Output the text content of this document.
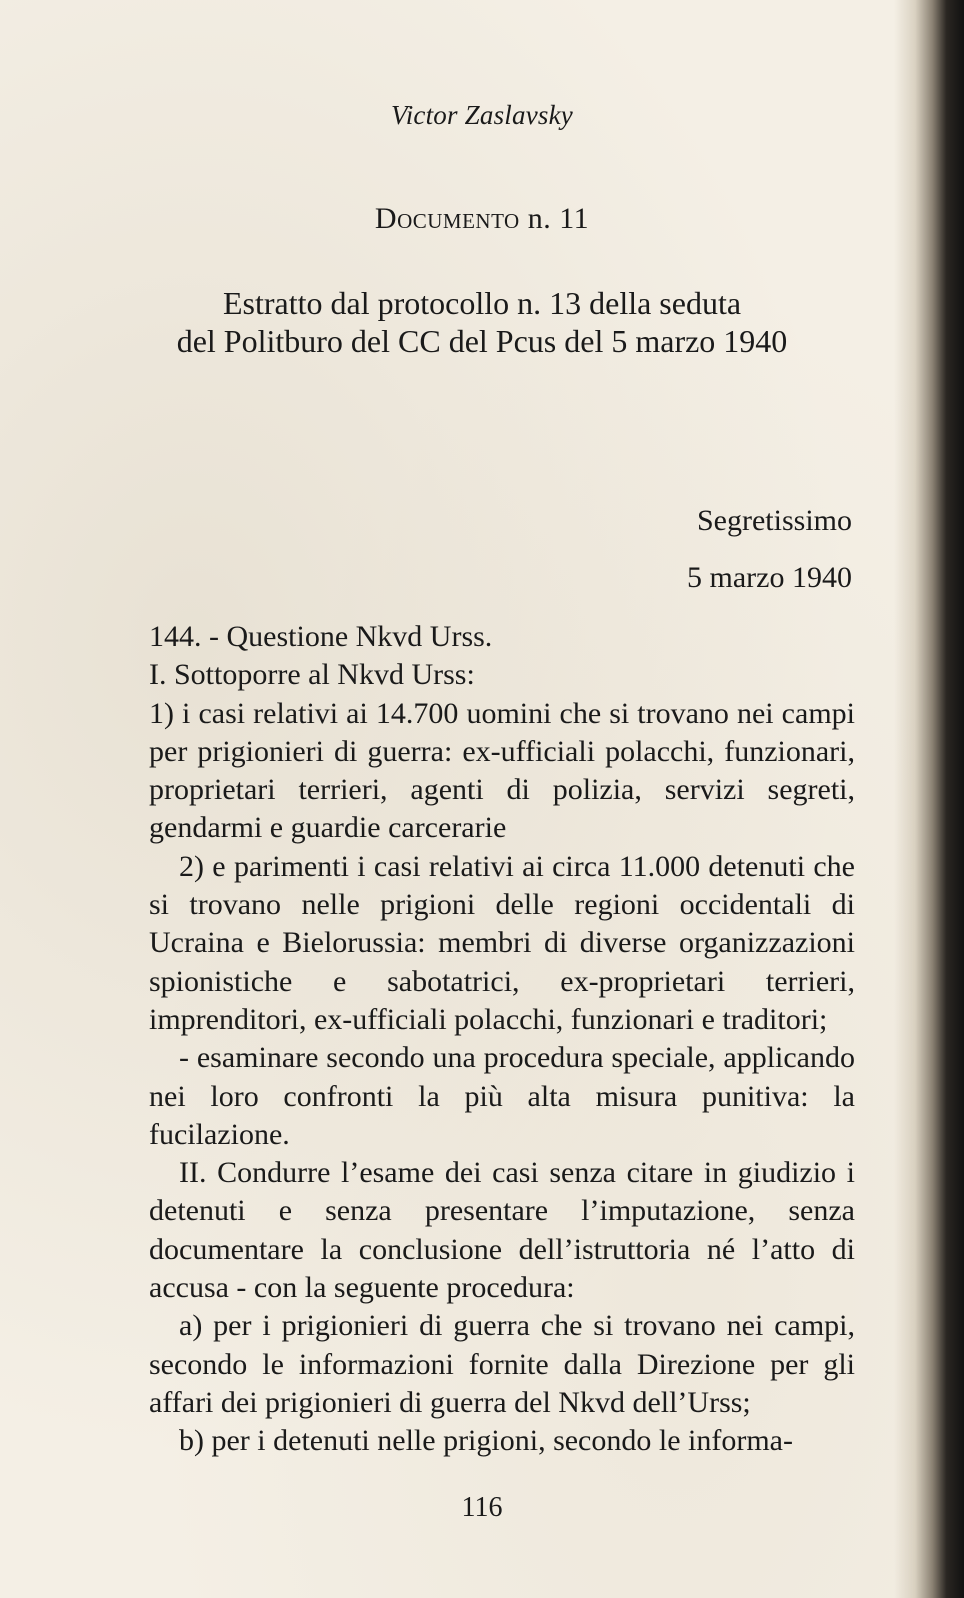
Victor Zaslavsky
Documento n. 11
Estratto dal protocollo n. 13 della seduta
del Politburo del CC del Pcus del 5 marzo 1940
Segretissimo
5 marzo 1940

144. - Questione Nkvd Urss.

I. Sottoporre al Nkvd Urss:

1) i casi relativi ai 14.700 uomini che si trovano nei campi per prigionieri di guerra: ex-ufficiali polacchi, funzionari, proprietari terrieri, agenti di polizia, servizi segreti, gendarmi e guardie carcerarie

2) e parimenti i casi relativi ai circa 11.000 detenuti che si trovano nelle prigioni delle regioni occidentali di Ucraina e Bielorussia: membri di diverse organizzazioni spionistiche e sabotatrici, ex-proprietari terrieri, imprenditori, ex-ufficiali polacchi, funzionari e traditori;

- esaminare secondo una procedura speciale, applicando nei loro confronti la più alta misura punitiva: la fucilazione.

II. Condurre l’esame dei casi senza citare in giudizio i detenuti e senza presentare l’imputazione, senza documentare la conclusione dell’istruttoria né l’atto di accusa - con la seguente procedura:

a) per i prigionieri di guerra che si trovano nei campi, secondo le informazioni fornite dalla Direzione per gli affari dei prigionieri di guerra del Nkvd dell’Urss;

b) per i detenuti nelle prigioni, secondo le informa-

116
